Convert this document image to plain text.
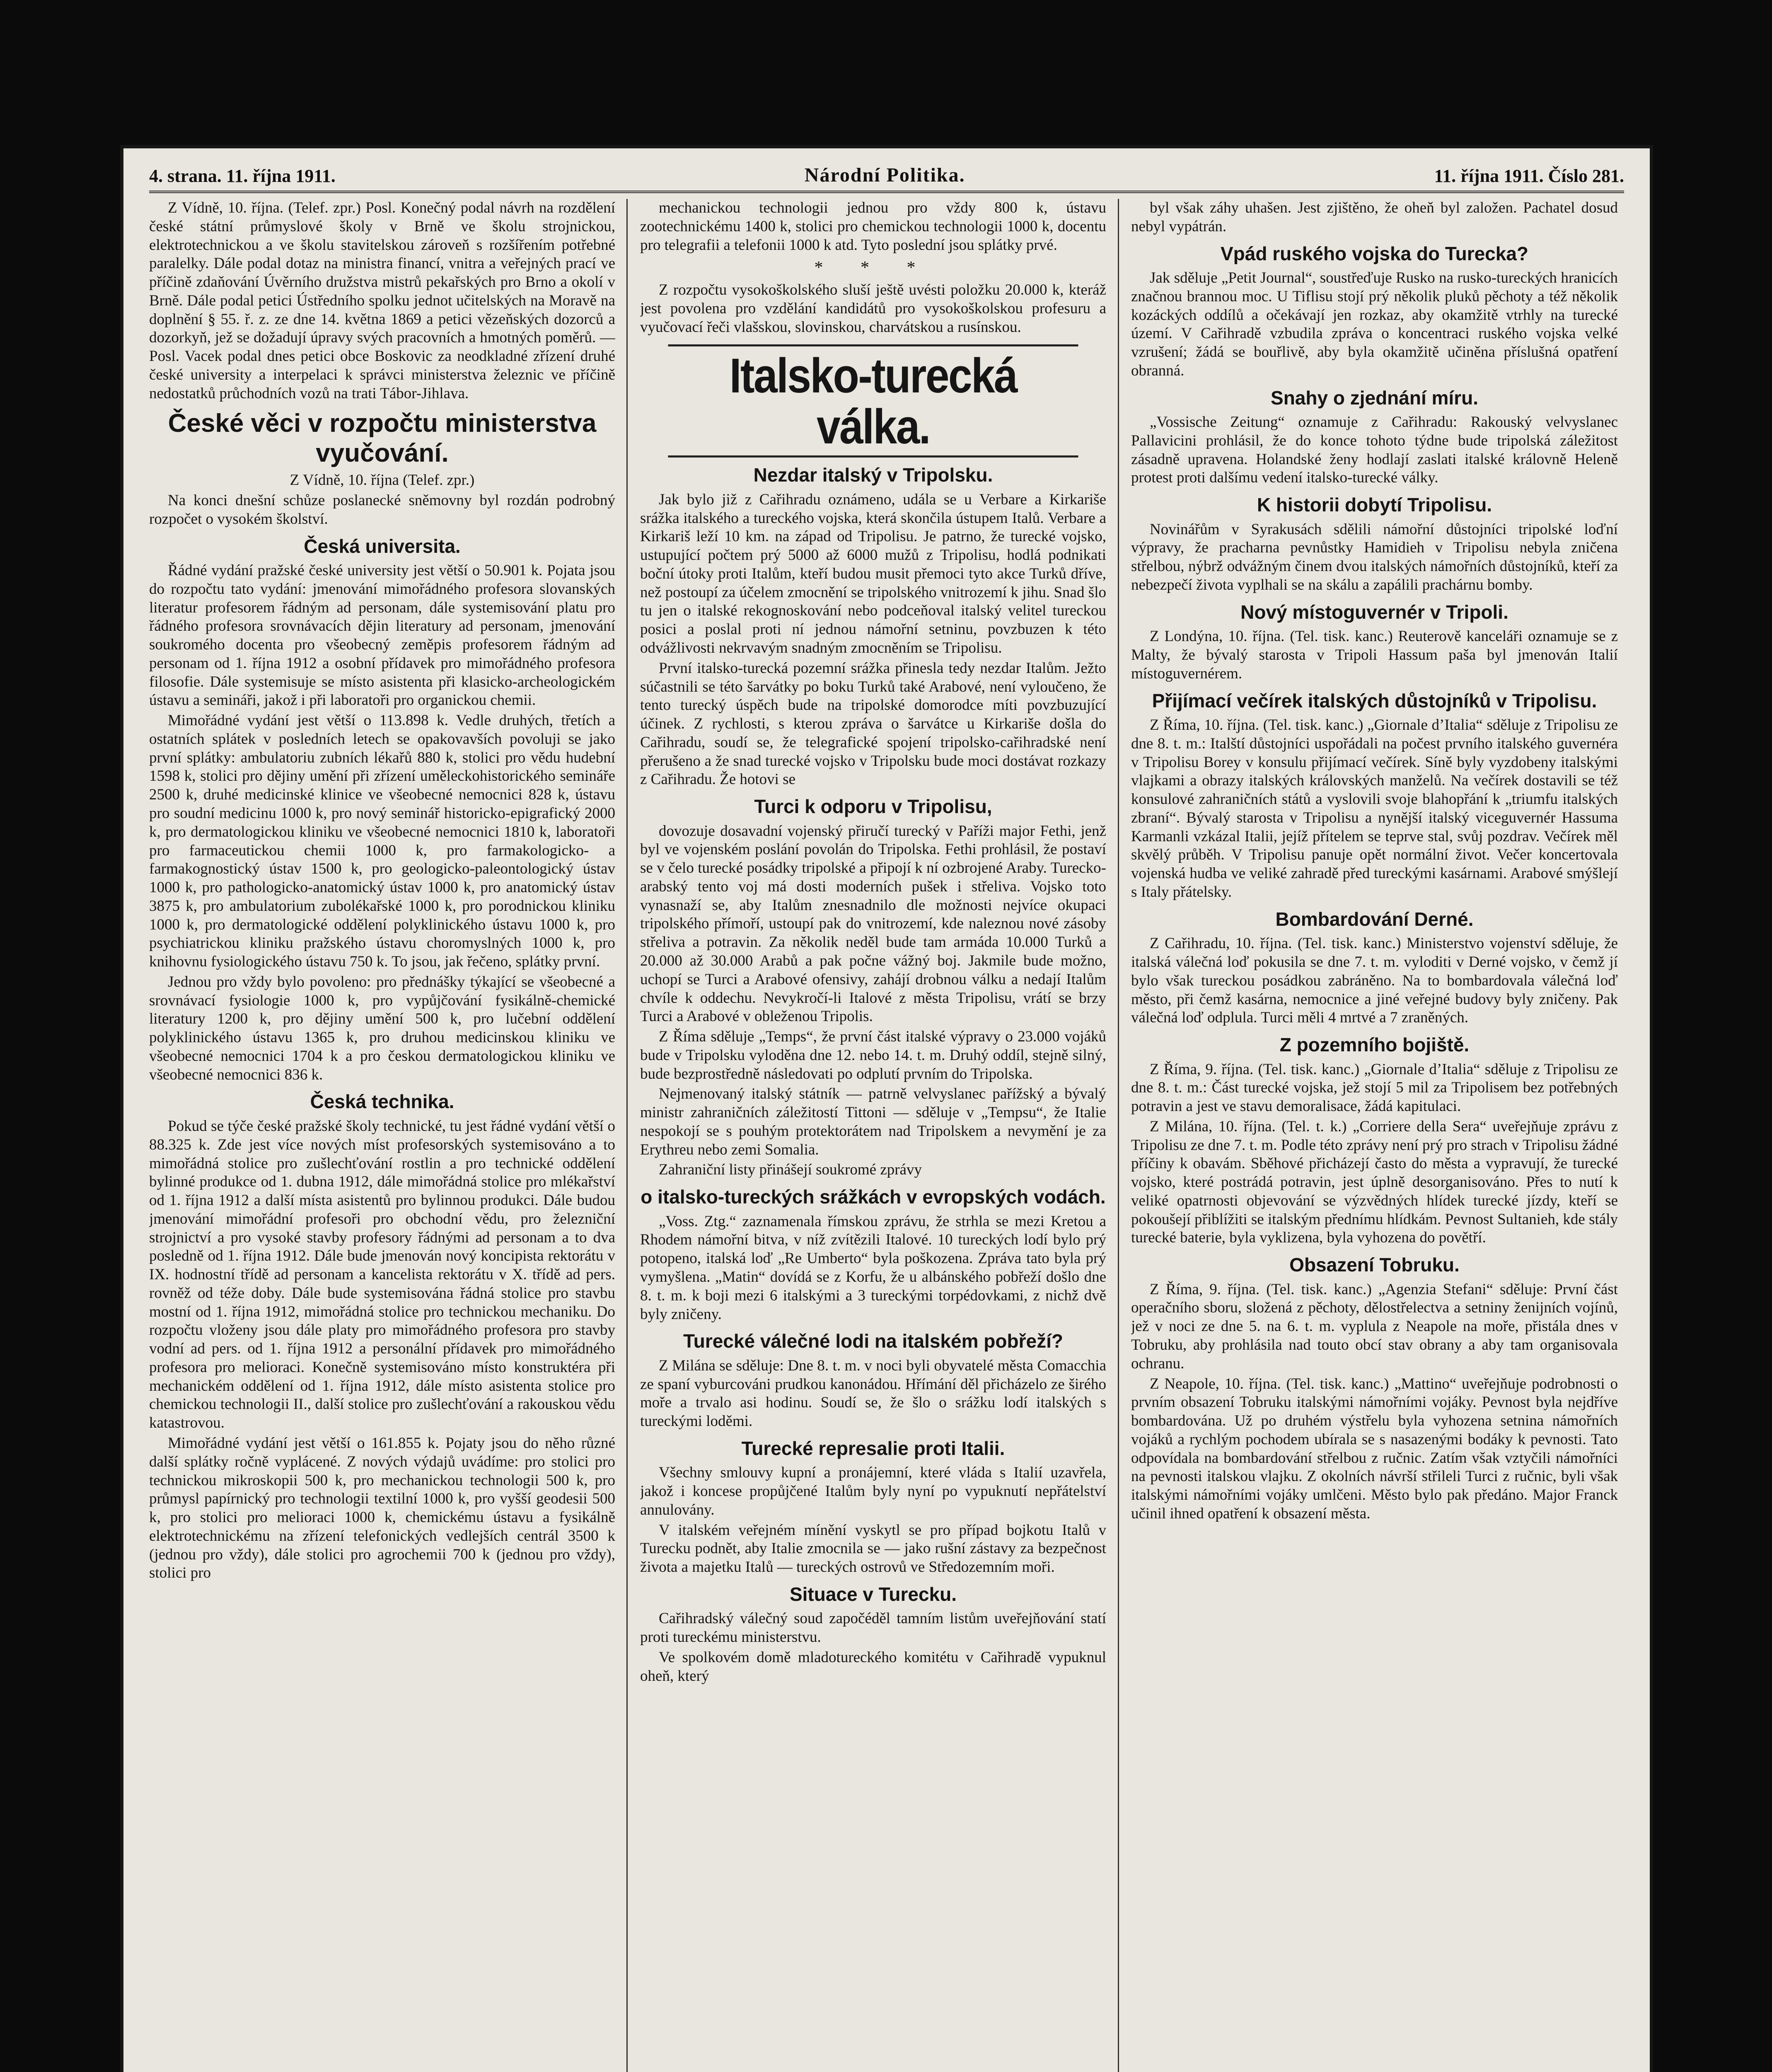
4. strana. 11. října 1911.	Národní Politika.	11. října 1911. Číslo 281.

Z Vídně, 10. října. (Telef. zpr.) Posl. Konečný podal návrh na rozdělení české státní průmyslové školy v Brně ve školu strojnickou, elektrotechnickou a ve školu stavitelskou zároveň s rozšířením potřebné paralelky. Dále podal dotaz na ministra financí, vnitra a veřejných prací ve příčině zdaňování Úvěrního družstva mistrů pekařských pro Brno a okolí v Brně. Dále podal petici Ústředního spolku jednot učitelských na Moravě na doplnění § 55. ř. z. ze dne 14. května 1869 a petici vězeňských dozorců a dozorkyň, jež se dožadují úpravy svých pracovních a hmotných poměrů. — Posl. Vacek podal dnes petici obce Boskovic za neodkladné zřízení druhé české university a interpelaci k správci ministerstva železnic ve příčině nedostatků průchodních vozů na trati Tábor-Jihlava.

České věci v rozpočtu ministerstva vyučování.
Z Vídně, 10. října (Telef. zpr.)

Na konci dnešní schůze poslanecké sněmovny byl rozdán podrobný rozpočet o vysokém školství.

Česká universita.

Řádné vydání pražské české university jest větší o 50.901 k. Pojata jsou do rozpočtu tato vydání: jmenování mimořádného profesora slovanských literatur profesorem řádným ad personam, dále systemisování platu pro řádného profesora srovnávacích dějin literatury ad personam, jmenování soukromého docenta pro všeobecný zeměpis profesorem řádným ad personam od 1. října 1912 a osobní přídavek pro mimořádného profesora filosofie. Dále systemisuje se místo asistenta při klasicko-archeologickém ústavu a semináři, jakož i při laboratoři pro organickou chemii.

Mimořádné vydání jest větší o 113.898 k. Vedle druhých, třetích a ostatních splátek v posledních letech se opakovavších povoluji se jako první splátky: ambulatoriu zubních lékařů 880 k, stolici pro vědu hudební 1598 k, stolici pro dějiny umění při zřízení uměleckohistorického semináře 2500 k, druhé medicinské klinice ve všeobecné nemocnici 828 k, ústavu pro soudní medicinu 1000 k, pro nový seminář historicko-epigrafický 2000 k, pro dermatologickou kliniku ve všeobecné nemocnici 1810 k, laboratoři pro farmaceutickou chemii 1000 k, pro farmakologicko- a farmakognostický ústav 1500 k, pro geologicko-paleontologický ústav 1000 k, pro pathologicko-anatomický ústav 1000 k, pro anatomický ústav 3875 k, pro ambulatorium zubolékařské 1000 k, pro porodnickou kliniku 1000 k, pro dermatologické oddělení polyklinického ústavu 1000 k, pro psychiatrickou kliniku pražského ústavu choromyslných 1000 k, pro knihovnu fysiologického ústavu 750 k. To jsou, jak řečeno, splátky první.

Jednou pro vždy bylo povoleno: pro přednášky týkající se všeobecné a srovnávací fysiologie 1000 k, pro vypůjčování fysikálně-chemické literatury 1200 k, pro dějiny umění 500 k, pro lučební oddělení polyklinického ústavu 1365 k, pro druhou medicinskou kliniku ve všeobecné nemocnici 1704 k a pro českou dermatologickou kliniku ve všeobecné nemocnici 836 k.

Česká technika.

Pokud se týče české pražské školy technické, tu jest řádné vydání větší o 88.325 k. Zde jest více nových míst profesorských systemisováno a to mimořádná stolice pro zušlechťování rostlin a pro technické oddělení bylinné produkce od 1. dubna 1912, dále mimořádná stolice pro mlékařství od 1. října 1912 a další místa asistentů pro bylinnou produkci. Dále budou jmenování mimořádní profesoři pro obchodní vědu, pro železniční strojnictví a pro vysoké stavby profesory řádnými ad personam a to dva posledně od 1. října 1912. Dále bude jmenován nový koncipista rektorátu v IX. hodnostní třídě ad personam a kancelista rektorátu v X. třídě ad pers. rovněž od téže doby. Dále bude systemisována řádná stolice pro stavbu mostní od 1. října 1912, mimořádná stolice pro technickou mechaniku. Do rozpočtu vloženy jsou dále platy pro mimořádného profesora pro stavby vodní ad pers. od 1. října 1912 a personální přídavek pro mimořádného profesora pro melioraci. Konečně systemisováno místo konstruktéra při mechanickém oddělení od 1. října 1912, dále místo asistenta stolice pro chemickou technologii II., další stolice pro zušlechťování a rakouskou vědu katastrovou.

Mimořádné vydání jest větší o 161.855 k. Pojaty jsou do něho různé další splátky ročně vyplácené. Z nových výdajů uvádíme: pro stolici pro technickou mikroskopii 500 k, pro mechanickou technologii 500 k, pro průmysl papírnický pro technologii textilní 1000 k, pro vyšší geodesii 500 k, pro stolici pro melioraci 1000 k, chemickému ústavu a fysikálně elektrotechnickému na zřízení telefonických vedlejších centrál 3500 k (jednou pro vždy), dále stolici pro agrochemii 700 k (jednou pro vždy), stolici pro

mechanickou technologii jednou pro vždy 800 k, ústavu zootechnickému 1400 k, stolici pro chemickou technologii 1000 k, docentu pro telegrafii a telefonii 1000 k atd. Tyto poslední jsou splátky prvé.

* * *

Z rozpočtu vysokoškolského sluší ještě uvésti položku 20.000 k, kteráž jest povolena pro vzdělání kandidátů pro vysokoškolskou profesuru a vyučovací řeči vlašskou, slovinskou, charvátskou a rusínskou.

Italsko-turecká válka.
Nezdar italský v Tripolsku.

Jak bylo již z Cařihradu oznámeno, udála se u Verbare a Kirkariše srážka italského a tureckého vojska, která skončila ústupem Italů. Verbare a Kirkariš leží 10 km. na západ od Tripolisu. Je patrno, že turecké vojsko, ustupující počtem prý 5000 až 6000 mužů z Tripolisu, hodlá podnikati boční útoky proti Italům, kteří budou musit přemoci tyto akce Turků dříve, než postoupí za účelem zmocnění se tripolského vnitrozemí k jihu. Snad šlo tu jen o italské rekognoskování nebo podceňoval italský velitel tureckou posici a poslal proti ní jednou námořní setninu, povzbuzen k této odvážlivosti nekrvavým snadným zmocněním se Tripolisu.

První italsko-turecká pozemní srážka přinesla tedy nezdar Italům. Ježto súčastnili se této šarvátky po boku Turků také Arabové, není vyloučeno, že tento turecký úspěch bude na tripolské domorodce míti povzbuzující účinek. Z rychlosti, s kterou zpráva o šarvátce u Kirkariše došla do Cařihradu, soudí se, že telegrafické spojení tripolsko-cařihradské není přerušeno a že snad turecké vojsko v Tripolsku bude moci dostávat rozkazy z Cařihradu. Že hotovi se

Turci k odporu v Tripolisu,

dovozuje dosavadní vojenský přiručí turecký v Paříži major Fethi, jenž byl ve vojenském poslání povolán do Tripolska. Fethi prohlásil, že postaví se v čelo turecké posádky tripolské a připojí k ní ozbrojené Araby. Turecko-arabský tento voj má dosti moderních pušek i střeliva. Vojsko toto vynasnaží se, aby Italům znesnadnilo dle možnosti nejvíce okupaci tripolského přímoří, ustoupí pak do vnitrozemí, kde naleznou nové zásoby střeliva a potravin. Za několik neděl bude tam armáda 10.000 Turků a 20.000 až 30.000 Arabů a pak počne vážný boj. Jakmile bude možno, uchopí se Turci a Arabové ofensivy, zahájí drobnou válku a nedají Italům chvíle k oddechu. Nevykročí-li Italové z města Tripolisu, vrátí se brzy Turci a Arabové v obleženou Tripolis.

Z Říma sděluje „Temps“, že první část italské výpravy o 23.000 vojáků bude v Tripolsku vyloděna dne 12. nebo 14. t. m. Druhý oddíl, stejně silný, bude bezprostředně následovati po odplutí prvním do Tripolska.

Nejmenovaný italský státník — patrně velvyslanec pařížský a bývalý ministr zahraničních záležitostí Tittoni — sděluje v „Tempsu“, že Italie nespokojí se s pouhým protektorátem nad Tripolskem a nevymění je za Erythreu nebo zemi Somalia.

Zahraniční listy přinášejí soukromé zprávy

o italsko-tureckých srážkách v evropských vodách.

„Voss. Ztg.“ zaznamenala římskou zprávu, že strhla se mezi Kretou a Rhodem námořní bitva, v níž zvítězili Italové. 10 tureckých lodí bylo prý potopeno, italská loď „Re Umberto“ byla poškozena. Zpráva tato byla prý vymyšlena. „Matin“ dovídá se z Korfu, že u albánského pobřeží došlo dne 8. t. m. k boji mezi 6 italskými a 3 tureckými torpédovkami, z nichž dvě byly zničeny.

Turecké válečné lodi na italském pobřeží?

Z Milána se sděluje: Dne 8. t. m. v noci byli obyvatelé města Comacchia ze spaní vyburcováni prudkou kanonádou. Hřímání děl přicházelo ze širého moře a trvalo asi hodinu. Soudí se, že šlo o srážku lodí italských s tureckými loděmi.

Turecké represalie proti Italii.

Všechny smlouvy kupní a pronájemní, které vláda s Italií uzavřela, jakož i koncese propůjčené Italům byly nyní po vypuknutí nepřátelství annulovány.

V italském veřejném mínění vyskytl se pro případ bojkotu Italů v Turecku podnět, aby Italie zmocnila se — jako rušní zástavy za bezpečnost života a majetku Italů — tureckých ostrovů ve Středozemním moři.

Situace v Turecku.

Cařihradský válečný soud započéděl tamním listům uveřejňování statí proti tureckému ministerstvu.

Ve spolkovém domě mladotureckého komitétu v Cařihradě vypuknul oheň, který

byl však záhy uhašen. Jest zjištěno, že oheň byl založen. Pachatel dosud nebyl vypátrán.

Vpád ruského vojska do Turecka?

Jak sděluje „Petit Journal“, soustřeďuje Rusko na rusko-tureckých hranicích značnou brannou moc. U Tiflisu stojí prý několik pluků pěchoty a též několik kozáckých oddílů a očekávají jen rozkaz, aby okamžitě vtrhly na turecké území. V Cařihradě vzbudila zpráva o koncentraci ruského vojska velké vzrušení; žádá se bouřlivě, aby byla okamžitě učiněna příslušná opatření obranná.

Snahy o zjednání míru.

„Vossische Zeitung“ oznamuje z Cařihradu: Rakouský velvyslanec Pallavicini prohlásil, že do konce tohoto týdne bude tripolská záležitost zásadně upravena. Holandské ženy hodlají zaslati italské královně Heleně protest proti dalšímu vedení italsko-turecké války.

K historii dobytí Tripolisu.

Novinářům v Syrakusách sdělili námořní důstojníci tripolské loďní výpravy, že pracharna pevnůstky Hamidieh v Tripolisu nebyla zničena střelbou, nýbrž odvážným činem dvou italských námořních důstojníků, kteří za nebezpečí života vyplhali se na skálu a zapálili prachárnu bomby.

Nový místoguvernér v Tripoli.

Z Londýna, 10. října. (Tel. tisk. kanc.) Reuterově kanceláři oznamuje se z Malty, že bývalý starosta v Tripoli Hassum paša byl jmenován Italií místoguvernérem.

Přijímací večírek italských důstojníků v Tripolisu.

Z Říma, 10. října. (Tel. tisk. kanc.) „Giornale d’Italia“ sděluje z Tripolisu ze dne 8. t. m.: Italští důstojníci uspořádali na počest prvního italského guvernéra v Tripolisu Borey v konsulu přijímací večírek. Síně byly vyzdobeny italskými vlajkami a obrazy italských královských manželů. Na večírek dostavili se též konsulové zahraničních států a vyslovili svoje blahopřání k „triumfu italských zbraní“. Bývalý starosta v Tripolisu a nynější italský viceguvernér Hassuma Karmanli vzkázal Italii, jejíž přítelem se teprve stal, svůj pozdrav. Večírek měl skvělý průběh. V Tripolisu panuje opět normální život. Večer koncertovala vojenská hudba ve veliké zahradě před tureckými kasárnami. Arabové smýšlejí s Italy přátelsky.

Bombardování Derné.

Z Cařihradu, 10. října. (Tel. tisk. kanc.) Ministerstvo vojenství sděluje, že italská válečná loď pokusila se dne 7. t. m. vyloditi v Derné vojsko, v čemž jí bylo však tureckou posádkou zabráněno. Na to bombardovala válečná loď město, při čemž kasárna, nemocnice a jiné veřejné budovy byly zničeny. Pak válečná loď odplula. Turci měli 4 mrtvé a 7 zraněných.

Z pozemního bojiště.

Z Říma, 9. října. (Tel. tisk. kanc.) „Giornale d’Italia“ sděluje z Tripolisu ze dne 8. t. m.: Část turecké vojska, jež stojí 5 mil za Tripolisem bez potřebných potravin a jest ve stavu demoralisace, žádá kapitulaci.

Z Milána, 10. října. (Tel. t. k.) „Corriere della Sera“ uveřejňuje zprávu z Tripolisu ze dne 7. t. m. Podle této zprávy není prý pro strach v Tripolisu žádné příčiny k obavám. Sběhové přicházejí často do města a vypravují, že turecké vojsko, které postrádá potravin, jest úplně desorganisováno. Přes to nutí k veliké opatrnosti objevování se výzvědných hlídek turecké jízdy, kteří se pokoušejí přiblížiti se italským přednímu hlídkám. Pevnost Sultanieh, kde stály turecké baterie, byla vyklizena, byla vyhozena do povětří.

Obsazení Tobruku.

Z Říma, 9. října. (Tel. tisk. kanc.) „Agenzia Stefani“ sděluje: První část operačního sboru, složená z pěchoty, dělostřelectva a setniny ženijních vojínů, jež v noci ze dne 5. na 6. t. m. vyplula z Neapole na moře, přistála dnes v Tobruku, aby prohlásila nad touto obcí stav obrany a aby tam organisovala ochranu.

Z Neapole, 10. října. (Tel. tisk. kanc.) „Mattino“ uveřejňuje podrobnosti o prvním obsazení Tobruku italskými námořními vojáky. Pevnost byla nejdříve bombardována. Už po druhém výstřelu byla vyhozena setnina námořních vojáků a rychlým pochodem ubírala se s nasazenými bodáky k pevnosti. Tato odpovídala na bombardování střelbou z ručnic. Zatím však vztyčili námořníci na pevnosti italskou vlajku. Z okolních návrší střileli Turci z ručnic, byli však italskými námořními vojáky umlčeni. Město bylo pak předáno. Major Franck učinil ihned opatření k obsazení města.
